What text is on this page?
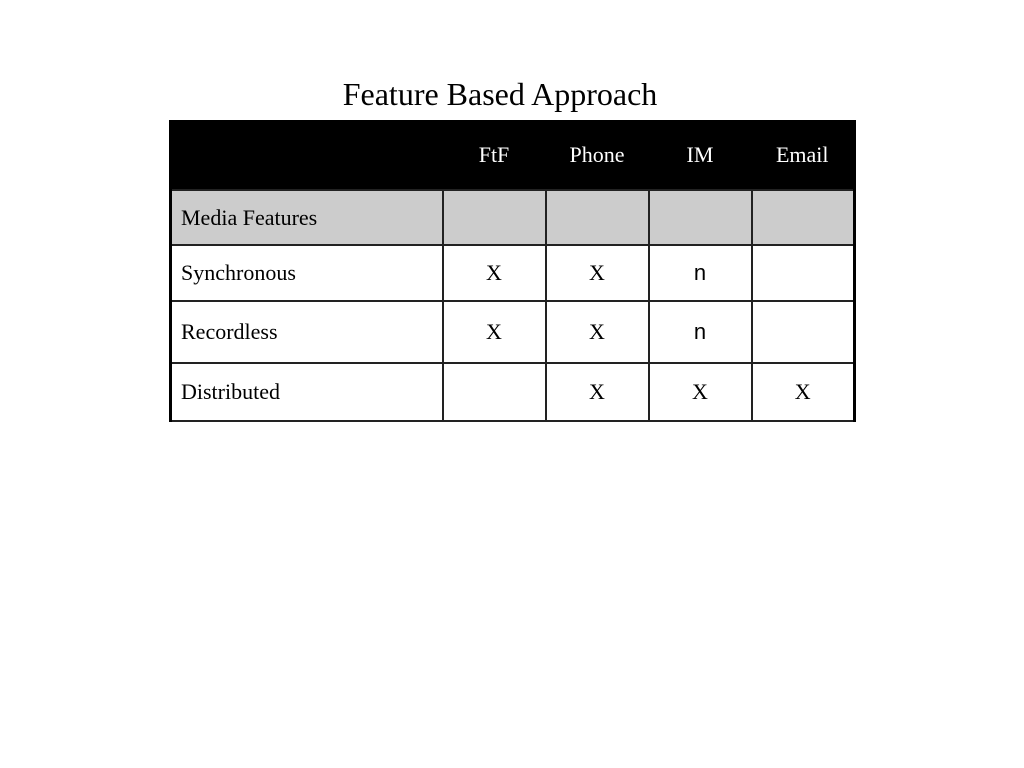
Feature Based Approach
	FtF	Phone	IM	Email
Media Features				
Synchronous	X	X	n	
Recordless	X	X	n	
Distributed		X	X	X
